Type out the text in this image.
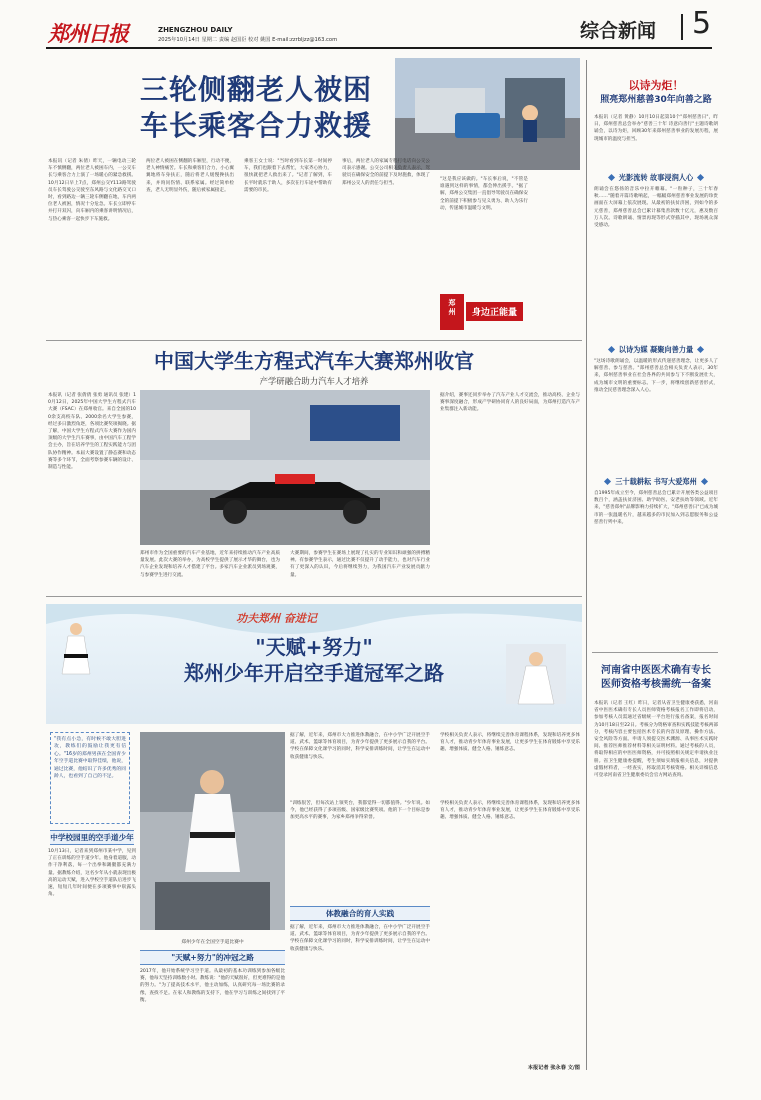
郑州日报	ZHENGZHOU DAILY
2025年10月14日 星期二 责编 赵国臣 校对 姚国 E-mail:zzrbljzz@163.com	综合新闻 5
三轮侧翻老人被困
车长乘客合力救援
本报讯（记者 朱倩）昨天，一辆电动三轮车不慎侧翻，两位老人被困车内，一公交车长与乘客合力上演了一场暖心的紧急救援。10月12日早上7点，郑州公交Y113路驾驶员车长驾驶公交驶至东风路与文化路交叉口时，看到路边一辆三轮车侧翻在地，车内两位老人被困，情况十分危急。车长立即停车并打开双闪，向车厢内的乘客讲明情况后，与热心乘客一起快步下车施救。
两位老人被困在侧翻的车厢里，行动不便，老人神情痛苦。车长和乘客们合力，小心翼翼地将车身扶正，随后将老人缓慢搀扶出来，并询问伤情、联系家属。经过简单检查，老人无明显外伤，随后被家属接走。
乘客王女士说："当时看到车长第一时间停车，我们也跟着下去帮忙，大家齐心协力，很快就把老人救出来了。"记者了解到，车长平时就乐于助人，多次在行车途中帮助有需要的市民。
事后，两位老人的家属专程打电话向公交公司表示感谢。公交公司相关负责人表示，驾驶员在确保安全的前提下及时施救，体现了郑州公交人的责任与担当。
"这是我应该做的。"车长事后说，"不管是谁遇到这样的事情，都会伸出援手。"据了解，郑州公交集团一直倡导驾驶员在确保安全的前提下积极参与见义勇为、助人为乐行动，传递城市温暖与文明。
郑
州	身边正能量
中国大学生方程式汽车大赛郑州收官
产学研融合助力汽车人才培养
本报讯（记者 张倩倩 张勇 通讯员 张建）10月12日，2025年中国大学生方程式汽车大赛（FSAC）在郑州收官。来自全国的100余支高校车队、2000余名大学生参赛，经过多日激烈角逐，各项比赛奖项揭晓。据了解，中国大学生方程式汽车大赛作为国内顶级的大学生汽车赛事，由中国汽车工程学会主办，旨在培养学生的工程实践能力与团队协作精神。本届大赛设置了静态赛和动态赛等多个环节，全面考察参赛车辆的设计、制造与性能。
郑州市作为全国重要的汽车产业基地，近年来持续推动汽车产业高质量发展。此次大赛的举办，为高校学生提供了展示才华的舞台，也为汽车企业发现和培养人才搭建了平台。多家汽车企业派员到场观赛，与参赛学生进行交流。
大赛期间，参赛学生在赛场上展现了扎实的专业知识和顽强的拼搏精神。有参赛学生表示，通过比赛不仅提升了动手能力，也对汽车行业有了更深入的认识，今后将继续努力，为我国汽车产业发展贡献力量。
据介绍，赛事还同步举办了汽车产业人才交流会，推动高校、企业与赛事深度融合，形成产学研协同育人的良好局面，为郑州打造汽车产业集群注入新动能。
功夫郑州 奋进记
"天赋+努力"
郑州少年开启空手道冠军之路
"我有点小急，有时候不敢大胆进攻，教练们的鼓励让我更有信心。"16岁的郑州男孩在全国青少年空手道比赛中取得佳绩，他说，通过比赛，他结识了许多优秀的同龄人，也看到了自己的不足。
据了解，近年来，郑州市大力推进体教融合，在中小学广泛开展空手道、武术、篮球等体育项目，为青少年提供了更多展示自我的平台。学校在保障文化课学习的同时，科学安排训练时间，让学生在运动中收获健康与快乐。
学校相关负责人表示，将继续完善体育课程体系，发现和培养更多体育人才，推动青少年体育事业发展，让更多学生在体育锻炼中享受乐趣、增强体质、健全人格、锤炼意志。
中学校园里的空手道少年
10月13日，记者来到郑州市某中学，见到了正在训练的空手道少年。他身着道服，动作干净利落，每一个出拳和踢腿都充满力量。据教练介绍，这名少年从小就表现出极高的运动天赋，进入学校空手道队后进步飞速，短短几年时间便在多项赛事中崭露头角。
郑州少年在全国空手道比赛中
"天赋+努力"的冲冠之路
2017年，他开始系统学习空手道。从最初的基本功训练到参加各级比赛，他每天坚持训练数小时。教练说："他的天赋很好，但更难得的是他的努力。"为了提高技术水平，他主动加练，认真研究每一场比赛的录像，查找不足。在家人和教练的支持下，他在学习与训练之间找到了平衡。
"训练很苦，但每次站上领奖台，我都觉得一切都值得。"少年说。如今，他已经获得了多项省级、国家级比赛奖项。他的下一个目标是参加更高水平的赛事，为家乡郑州争得荣誉。
体教融合的育人实践
据了解，近年来，郑州市大力推进体教融合，在中小学广泛开展空手道、武术、篮球等体育项目，为青少年提供了更多展示自我的平台。学校在保障文化课学习的同时，科学安排训练时间，让学生在运动中收获健康与快乐。
学校相关负责人表示，将继续完善体育课程体系，发现和培养更多体育人才，推动青少年体育事业发展，让更多学生在体育锻炼中享受乐趣、增强体质、健全人格、锤炼意志。
本报记者 张永春 文/图
以诗为炬！
照亮郑州慈善30年向善之路
本报讯（记者 黄静）10月10日起第10个"郑州慈善日"，昨日，郑州慈善总会举办"慈善三十年 诗意向善行"主题诗歌朗诵会，以诗为炬，回顾30年来郑州慈善事业的发展历程，展现城市的温度与担当。
光影流转 故事浸润人心
朗诵会在悠扬的音乐中拉开帷幕。"一粒种子，三十年春秋……"随着开篇诗歌响起，一幅幅郑州慈善事业发展的珍贵画面在大屏幕上依次展现。从最初的扶贫济困，到如今的多元慈善，郑州慈善总会已累计募集善款数十亿元，惠及数百万人次。诗歌朗诵、情景再现等形式穿插其中，现场观众深受感动。
以诗为媒 凝聚向善力量
"这场诗歌朗诵会，以温暖的形式传递慈善理念，让更多人了解慈善、参与慈善。"郑州慈善总会相关负责人表示，30年来，郑州慈善事业在社会各界的共同参与下不断发展壮大，成为城市文明的重要标志。下一步，将继续创新慈善形式，推动全民慈善理念深入人心。
三十载耕耘 书写大爱郑州
自1995年成立至今，郑州慈善总会已累计开展各类公益项目数百个，涵盖扶贫济困、助学助医、安老扶幼等领域。近年来，"慈善郑州"品牌影响力持续扩大，"郑州慈善日"已成为城市的一张温暖名片，越来越多的市民加入到志愿服务和公益慈善行列中来。
河南省中医医术确有专长
医师资格考核需统一备案
本报讯（记者 王红）昨日，记者从省卫生健康委获悉，河南省中医医术确有专长人员医师资格考核报名工作即将启动，参加考核人员需通过省级统一平台进行报名备案，报名时间为10月18日至22日。考核分为资格审查和实践技能考核两部分，考核内容主要包括医术专长的内容及原理、操作方法、安全风险等方面。申请人须提交医术渊源、从事医术实践时间、推荐医师推荐材料等相关证明材料。通过考核的人员，将取得相应的中医医师资格，并可按照相关规定申请执业注册。省卫生健康委提醒，考生须如实填报相关信息，对提供虚假材料者，一经查实，将取消其考核资格。相关详细信息可登录河南省卫生健康委员会官方网站查询。
